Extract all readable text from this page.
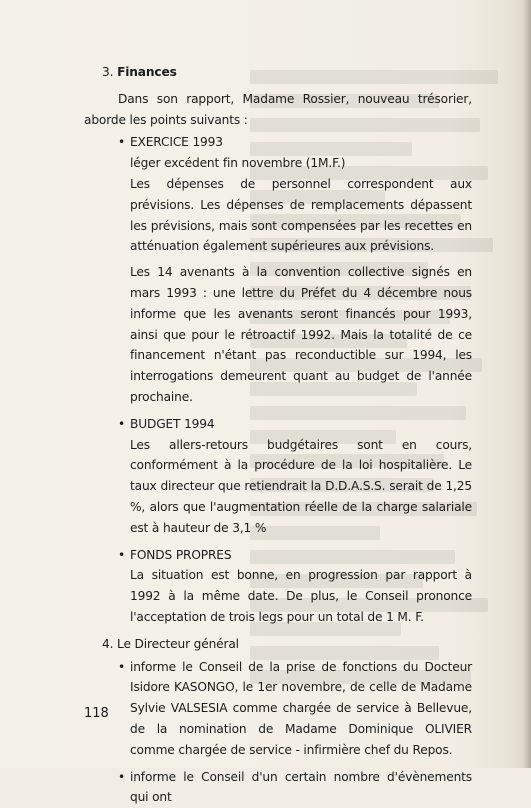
3. Finances

Dans son rapport, Madame Rossier, nouveau trésorier, aborde les points suivants :

• EXERCICE 1993

léger excédent fin novembre (1M.F.)

Les dépenses de personnel correspondent aux prévisions. Les dépenses de remplacements dépassent les prévisions, mais sont compensées par les recettes en atténuation également supérieures aux prévisions.

Les 14 avenants à la convention collective signés en mars 1993 : une lettre du Préfet du 4 décembre nous informe que les avenants seront financés pour 1993, ainsi que pour le rétroactif 1992. Mais la totalité de ce financement n'étant pas reconductible sur 1994, les interrogations demeurent quant au budget de l'année prochaine.

• BUDGET 1994

Les allers-retours budgétaires sont en cours, conformément à la procédure de la loi hospitalière. Le taux directeur que retiendrait la D.D.A.S.S. serait de 1,25 %, alors que l'augmentation réelle de la charge salariale est à hauteur de 3,1 %

• FONDS PROPRES

La situation est bonne, en progression par rapport à 1992 à la même date. De plus, le Conseil prononce l'acceptation de trois legs pour un total de 1 M. F.

4. Le Directeur général

• informe le Conseil de la prise de fonctions du Docteur Isidore KASONGO, le 1er novembre, de celle de Madame Sylvie VALSESIA comme chargée de service à Bellevue, de la nomination de Madame Dominique OLIVIER comme chargée de service - infirmière chef du Repos.

• informe le Conseil d'un certain nombre d'évènements qui ont

118
